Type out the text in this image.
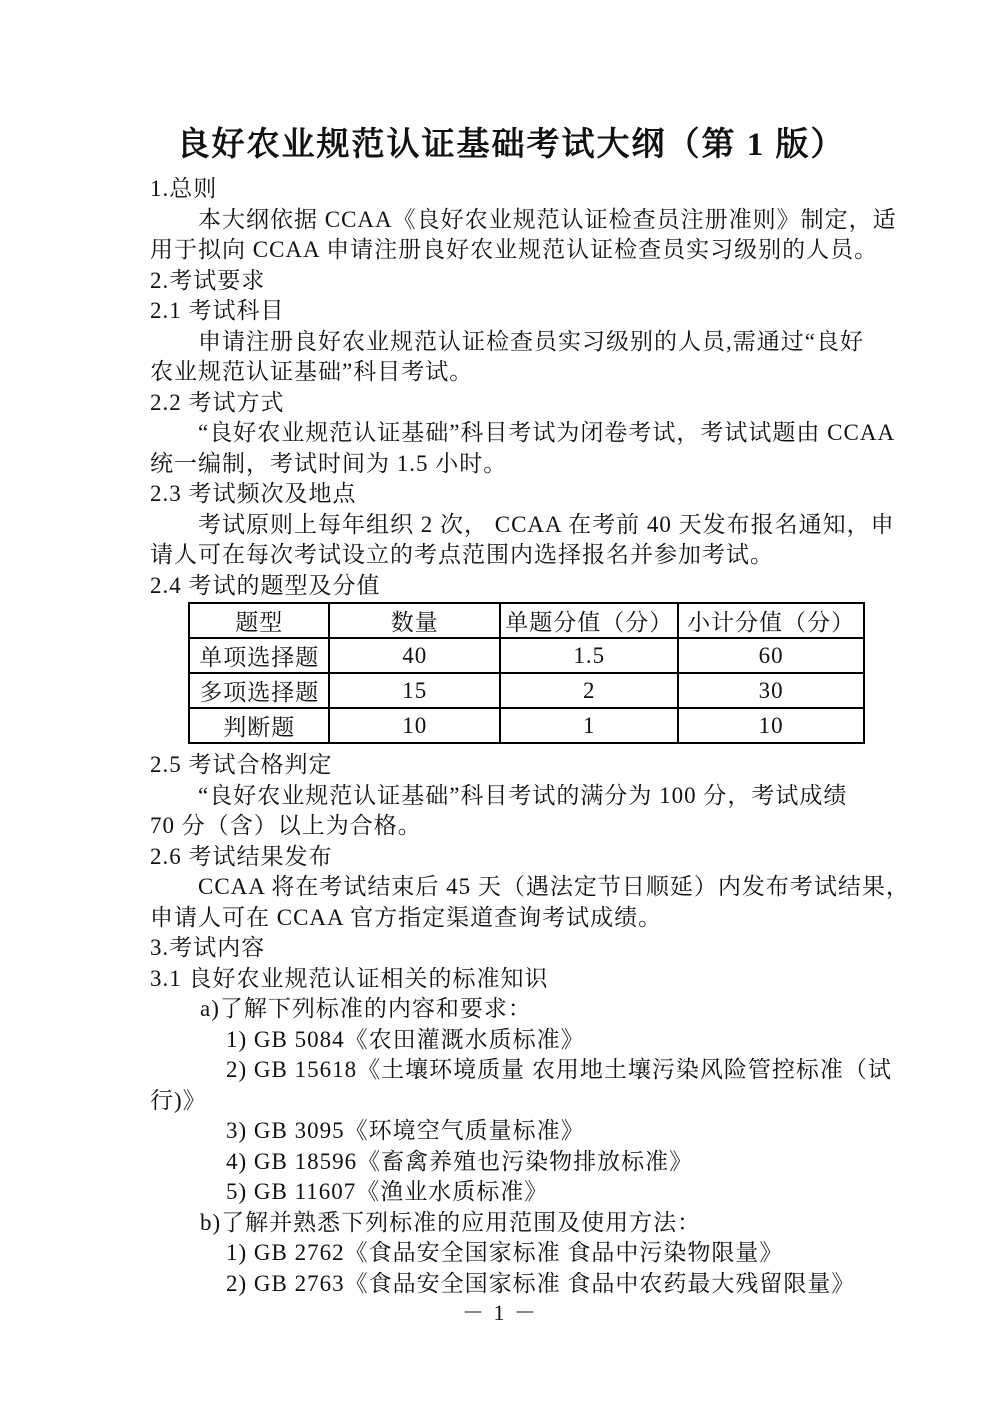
良好农业规范认证基础考试大纲（第 1 版）
1.总则
本大纲依据 CCAA《良好农业规范认证检查员注册准则》制定，适
用于拟向 CCAA 申请注册良好农业规范认证检查员实习级别的人员。
2.考试要求
2.1 考试科目
申请注册良好农业规范认证检查员实习级别的人员,需通过“良好
农业规范认证基础”科目考试。
2.2 考试方式
“良好农业规范认证基础”科目考试为闭卷考试，考试试题由 CCAA
统一编制，考试时间为 1.5 小时。
2.3 考试频次及地点
考试原则上每年组织 2 次， CCAA 在考前 40 天发布报名通知，申
请人可在每次考试设立的考点范围内选择报名并参加考试。
2.4 考试的题型及分值
题型	数量	单题分值（分）	小计分值（分）
单项选择题	40	1.5	60
多项选择题	15	2	30
判断题	10	1	10
2.5 考试合格判定
“良好农业规范认证基础”科目考试的满分为 100 分，考试成绩
70 分（含）以上为合格。
2.6 考试结果发布
CCAA 将在考试结束后 45 天（遇法定节日顺延）内发布考试结果，
申请人可在 CCAA 官方指定渠道查询考试成绩。
3.考试内容
3.1 良好农业规范认证相关的标准知识
a)了解下列标准的内容和要求：
1) GB 5084《农田灌溉水质标准》
2) GB 15618《土壤环境质量 农用地土壤污染风险管控标准（试
行)》
3) GB 3095《环境空气质量标准》
4) GB 18596《畜禽养殖也污染物排放标准》
5) GB 11607《渔业水质标准》
b)了解并熟悉下列标准的应用范围及使用方法：
1) GB 2762《食品安全国家标准 食品中污染物限量》
2) GB 2763《食品安全国家标准 食品中农药最大残留限量》
－ 1 －
